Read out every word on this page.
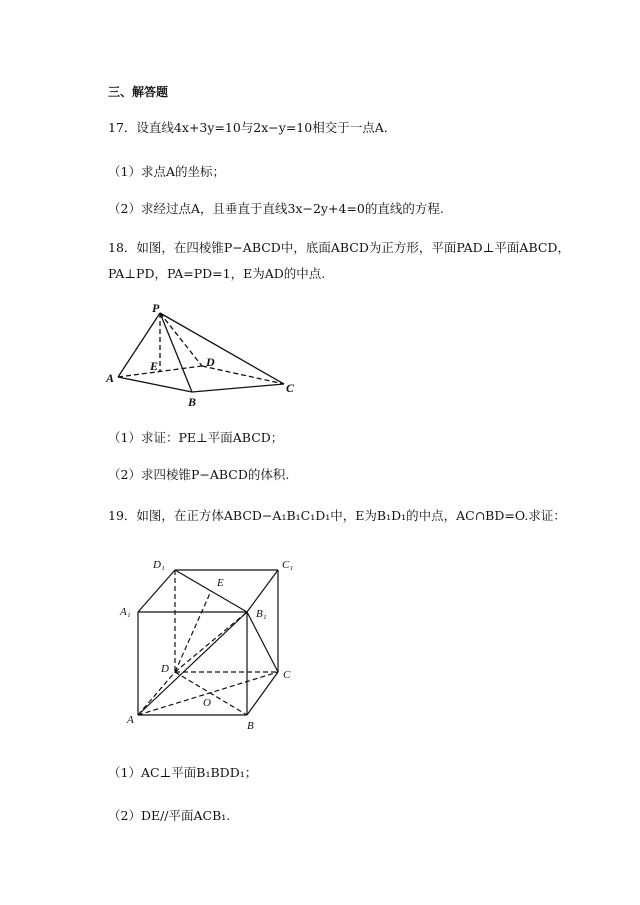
三、解答题
17．设直线4x+3y=10与2x−y=10相交于一点A．
（1）求点A的坐标；
（2）求经过点A，且垂直于直线3x−2y+4=0的直线的方程.
18．如图，在四棱锥P−ABCD中，底面ABCD为正方形，平面PAD⊥平面ABCD，
PA⊥PD，PA=PD=1，E为AD的中点.
P
A
B
C
D
E
（1）求证：PE⊥平面ABCD；
（2）求四棱锥P−ABCD的体积.
19．如图，在正方体ABCD−A₁B₁C₁D₁中，E为B₁D₁的中点，AC∩BD=O.求证：
D₁	C₁
A₁	B₁
E
D	C
O
A	B
（1）AC⊥平面B₁BDD₁；
（2）DE//平面ACB₁.
